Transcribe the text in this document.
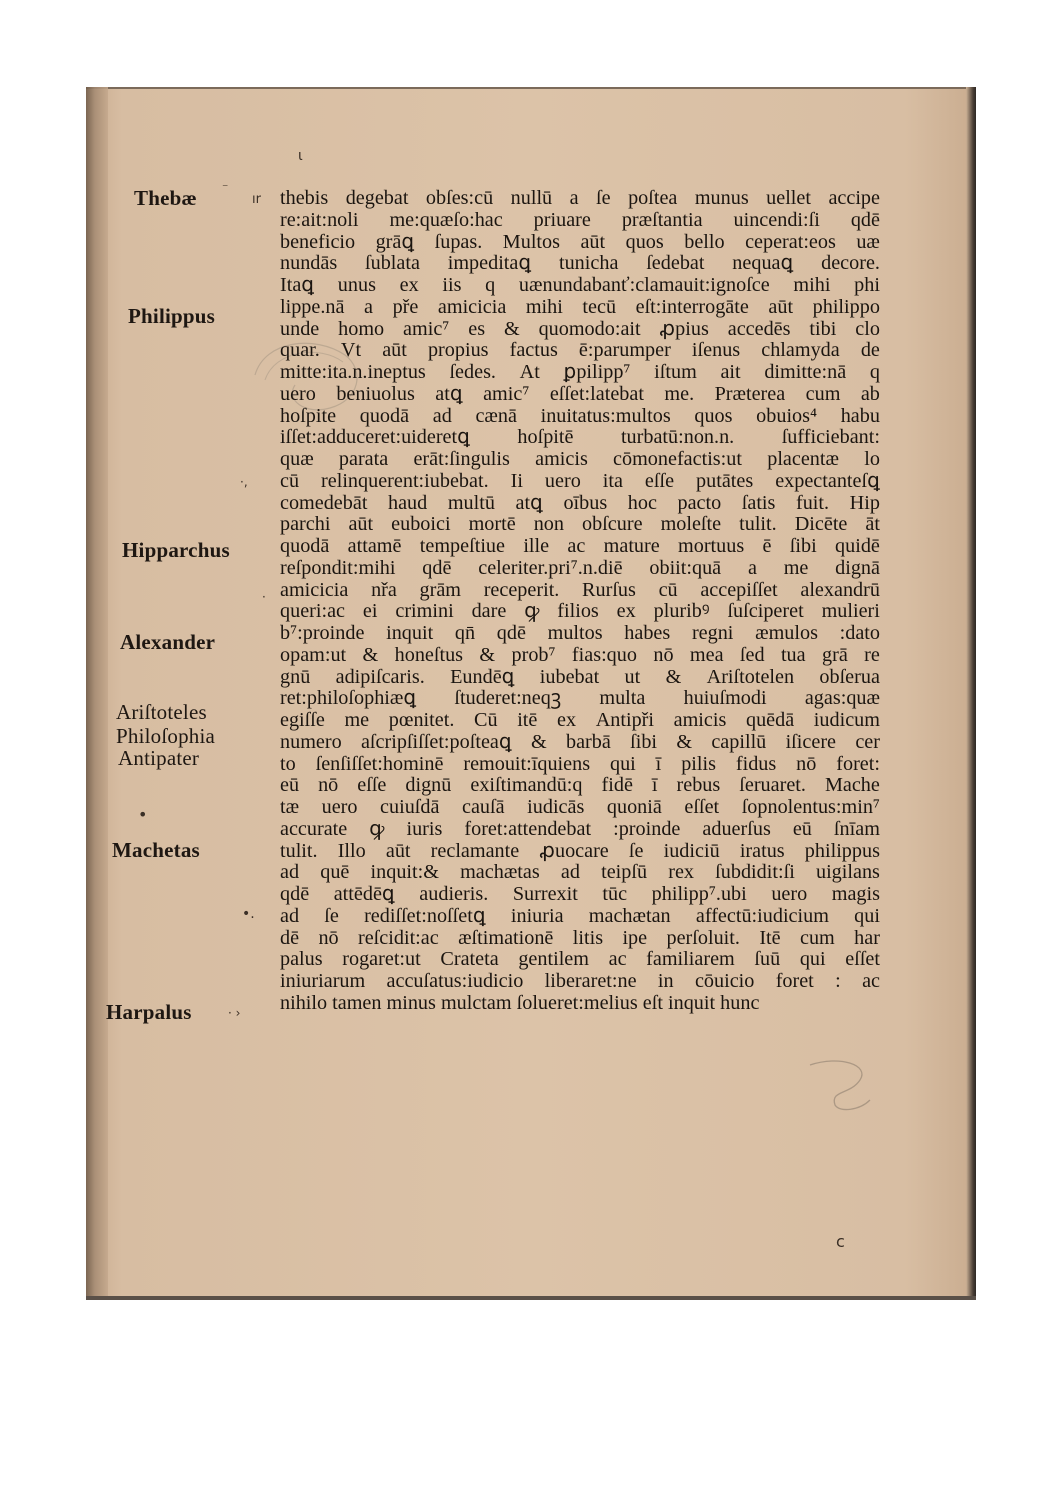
ι
c
⁻
ır
·,
·
•
•.
· ›
Thebæ
Philippus
Hipparchus
Alexander
Ariſtoteles
Philoſophia
Antipater
Machetas
Harpalus
thebis degebat obſes:cū nullū a ſe poſtea munus uellet accipe
re:ait:noli me:quæſo:hac priuare præſtantia uincendi:ſi qdē
beneficio grāꝗ ſupas. Multos aūt quos bello ceperat:eos uæ
nundās ſublata impeditaꝗ tunicha ſedebat nequaꝗ decore.
Itaꝗ unus ex iis q uænundabanť:clamauit:ignoſce mihi phi
lippe.nā a pře amicicia mihi tecū eſt:interrogāte aūt philippo
unde homo amic⁷ es & quomodo:ait ꝓpius accedēs tibi clo
quar. Vt aūt propius factus ē:parumper iſenus chlamyda de
mitte:ita.n.ineptus ſedes. At ꝑpilipp⁷ iſtum ait dimitte:nā q
uero beniuolus atꝗ amic⁷ eſſet:latebat me. Præterea cum ab
hoſpite quodā ad cænā inuitatus:multos quos obuios⁴ habu
iſſet:adduceret:uideretꝗ hoſpitē turbatū:non.n. ſufficiebant:
quæ parata erāt:ſingulis amicis cōmonefactis:ut placentæ lo
cū relinquerent:iubebat. Ii uero ita eſſe putātes expectanteſꝗ
comedebāt haud multū atꝗ oībus hoc pacto ſatis fuit. Hip
parchi aūt euboici mortē non obſcure moleſte tulit. Dicēte āt
quodā attamē tempeſtiue ille ac mature mortuus ē ſibi quidē
reſpondit:mihi qdē celeriter.pri⁷.n.diē obiit:quā a me dignā
amicicia nřa grām receperit. Rurſus cū accepiſſet alexandrū
queri:ac ei crimini dare ꝙ filios ex pluribꝰ ſuſciperet mulieri
b⁷:proinde inquit qn̄ qdē multos habes regni æmulos :dato
opam:ut & honeſtus & prob⁷ fias:quo nō mea ſed tua grā re
gnū adipiſcaris. Eundēꝗ iubebat ut & Ariſtotelen obſerua
ret:philoſophiæꝗ ſtuderet:neqꝫ multa huiuſmodi agas:quæ
egiſſe me pœnitet. Cū itē ex Antipři amicis quēdā iudicum
numero aſcripſiſſet:poſteaꝗ & barbā ſibi & capillū iſicere cer
to ſenſiſſet:hominē remouit:īquiens qui ī pilis fidus nō foret:
eū nō eſſe dignū exiſtimandū:q fidē ī rebus ſeruaret. Mache
tæ uero cuiuſdā cauſā iudicās quoniā eſſet ſopnolentus:min⁷
accurate ꝙ iuris foret:attendebat :proinde aduerſus eū ſnīam
tulit. Illo aūt reclamante ꝓuocare ſe iudiciū iratus philippus
ad quē inquit:& machætas ad teipſū rex ſubdidit:ſi uigilans
qdē attēdēꝗ audieris. Surrexit tūc philipp⁷.ubi uero magis
ad ſe rediſſet:noſſetꝗ iniuria machætan affectū:iudicium qui
dē nō reſcidit:ac æſtimationē litis ipe perſoluit. Itē cum har
palus rogaret:ut Crateta gentilem ac familiarem ſuū qui eſſet
iniuriarum accuſatus:iudicio liberaret:ne in cōuicio foret : ac
nihilo tamen minus mulctam ſolueret:melius eſt inquit hunc
